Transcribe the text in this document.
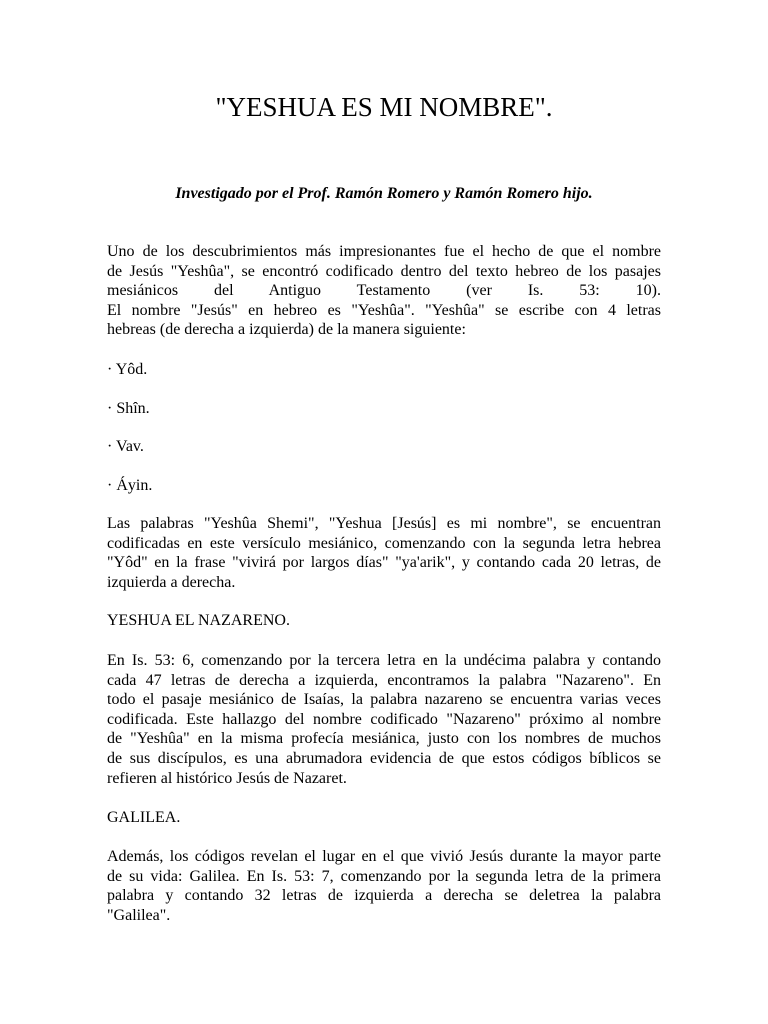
"YESHUA ES MI NOMBRE".

Investigado por el Prof. Ramón Romero y Ramón Romero hijo.

Uno de los descubrimientos más impresionantes fue el hecho de que el nombre
de Jesús "Yeshûa", se encontró codificado dentro del texto hebreo de los pasajes
mesiánicos del Antiguo Testamento (ver Is. 53: 10).
El nombre "Jesús" en hebreo es "Yeshûa". "Yeshûa" se escribe con 4 letras
hebreas (de derecha a izquierda) de la manera siguiente:

· Yôd.

· Shîn.

· Vav.

· Áyin.

Las palabras "Yeshûa Shemi", "Yeshua [Jesús] es mi nombre", se encuentran
codificadas en este versículo mesiánico, comenzando con la segunda letra hebrea
"Yôd" en la frase "vivirá por largos días" "ya'arik", y contando cada 20 letras, de
izquierda a derecha.

YESHUA EL NAZARENO.

En Is. 53: 6, comenzando por la tercera letra en la undécima palabra y contando
cada 47 letras de derecha a izquierda, encontramos la palabra "Nazareno". En
todo el pasaje mesiánico de Isaías, la palabra nazareno se encuentra varias veces
codificada. Este hallazgo del nombre codificado "Nazareno" próximo al nombre
de "Yeshûa" en la misma profecía mesiánica, justo con los nombres de muchos
de sus discípulos, es una abrumadora evidencia de que estos códigos bíblicos se
refieren al histórico Jesús de Nazaret.

GALILEA.

Además, los códigos revelan el lugar en el que vivió Jesús durante la mayor parte
de su vida: Galilea. En Is. 53: 7, comenzando por la segunda letra de la primera
palabra y contando 32 letras de izquierda a derecha se deletrea la palabra
"Galilea".
